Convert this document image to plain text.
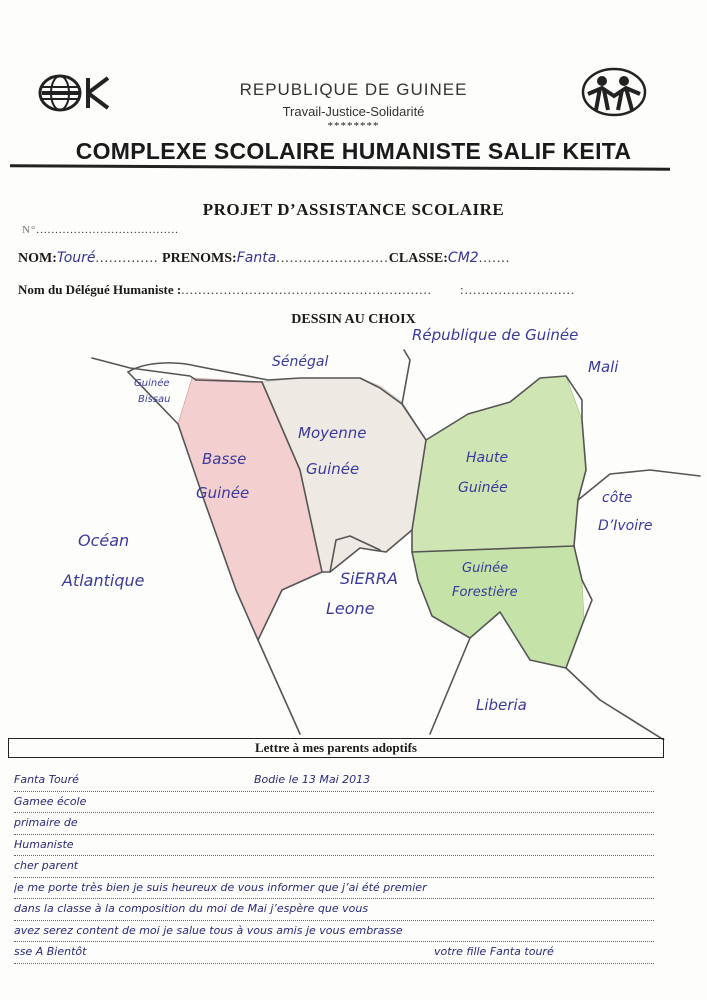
REPUBLIQUE DE GUINEE
Travail-Justice-Solidarité
********
COMPLEXE SCOLAIRE HUMANISTE SALIF KEITA
PROJET D’ASSISTANCE SCOLAIRE
N°......................................
NOM:Touré.............. PRENOMS:Fanta.........................CLASSE:CM2.......
Nom du Délégué Humaniste :........................................................... :..........................
DESSIN AU CHOIX
République de Guinée
Sénégal	Mali
Guinée
Bissau
Basse
Guinée
Moyenne
Guinée
Haute
Guinée
côte
D’Ivoire
Océan
Atlantique	SiERRA
Leone
Guinée
Forestière
Liberia
Lettre à mes parents adoptifs
Fanta Touré	Bodie le 13 Mai 2013
Gamee école
primaire de
Humaniste
cher parent
je me porte très bien je suis heureux de vous informer que j’ai été premier
dans la classe à la composition du moi de Mai j’espère que vous
avez serez content de moi je salue tous à vous amis je vous embrasse
sse A Bientôt	votre fille Fanta touré
